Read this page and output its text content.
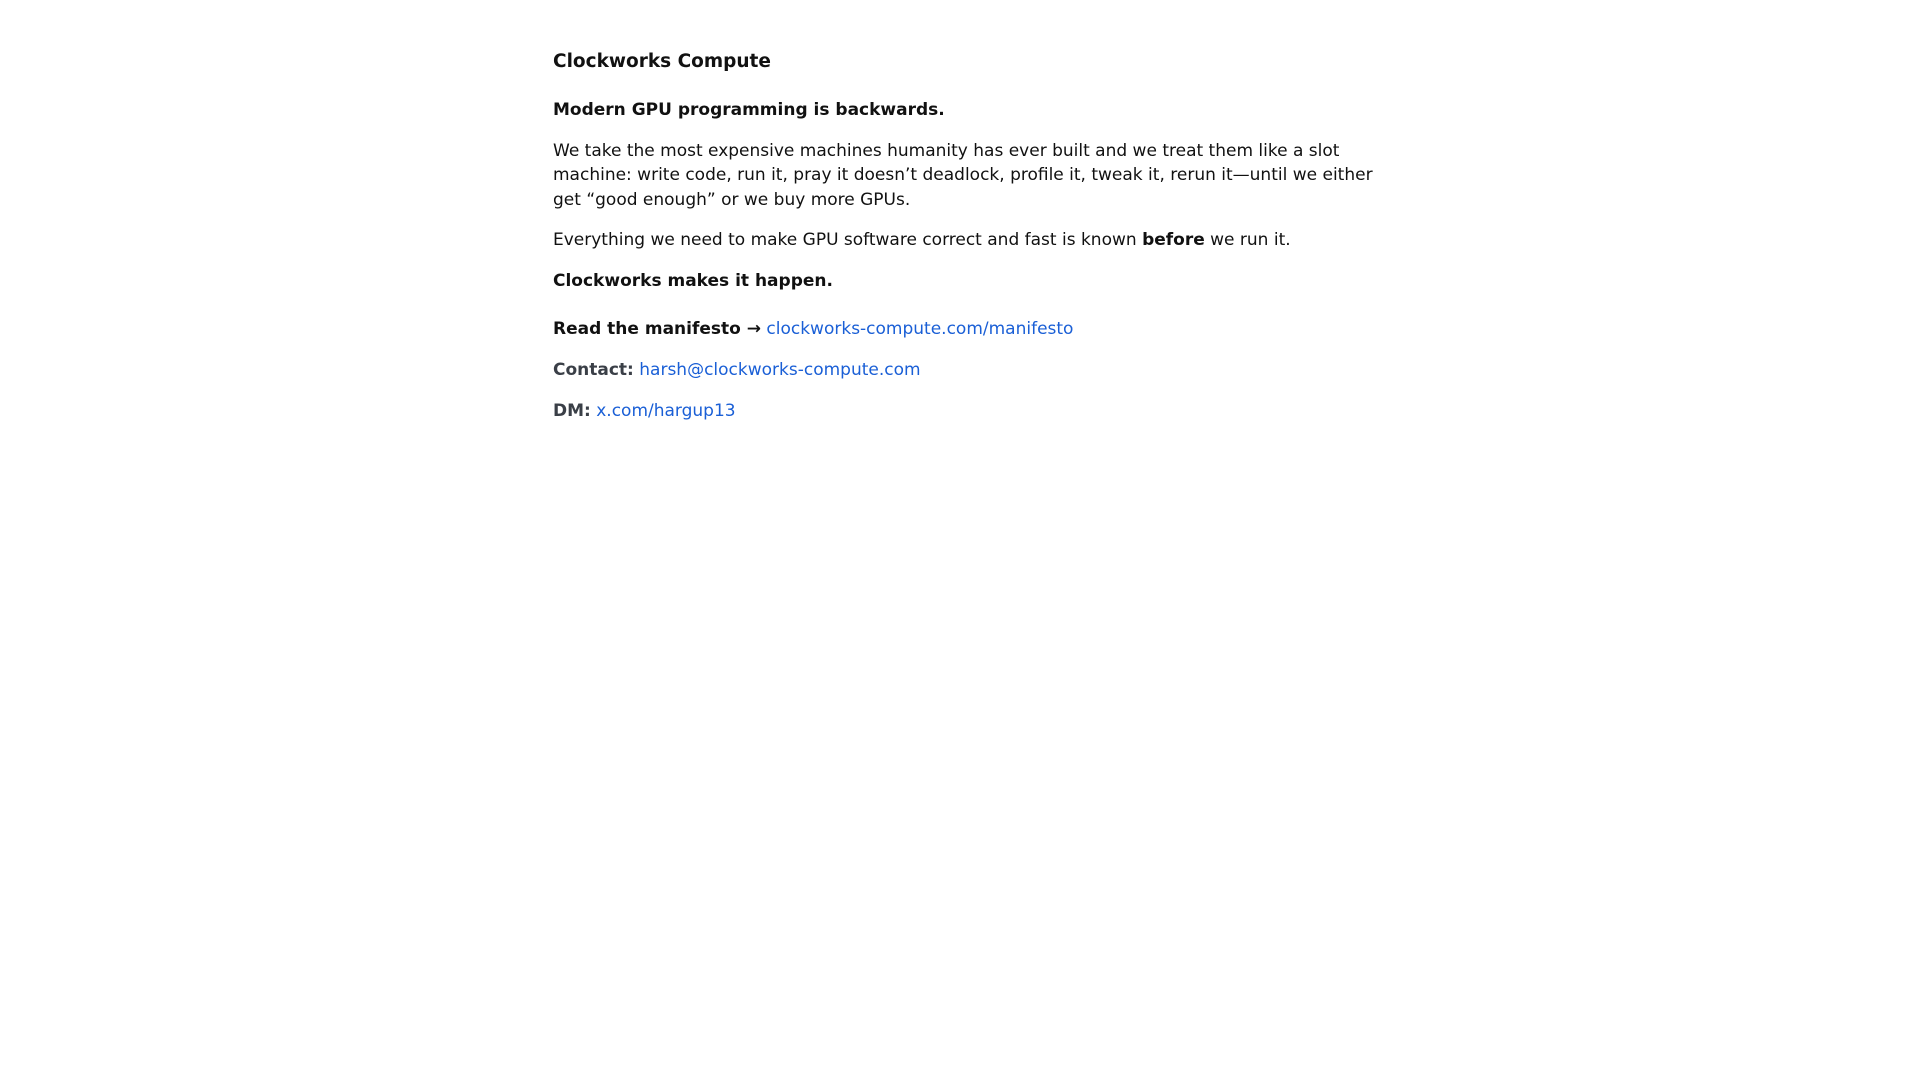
Clockworks Compute

Modern GPU programming is backwards.

We take the most expensive machines humanity has ever built and we treat them like a slot machine: write code, run it, pray it doesn’t deadlock, profile it, tweak it, rerun it—until we either get “good enough” or we buy more GPUs.

Everything we need to make GPU software correct and fast is known before we run it.

Clockworks makes it happen.

Read the manifesto → clockworks-compute.com/manifesto

Contact: harsh@clockworks-compute.com

DM: x.com/hargup13
